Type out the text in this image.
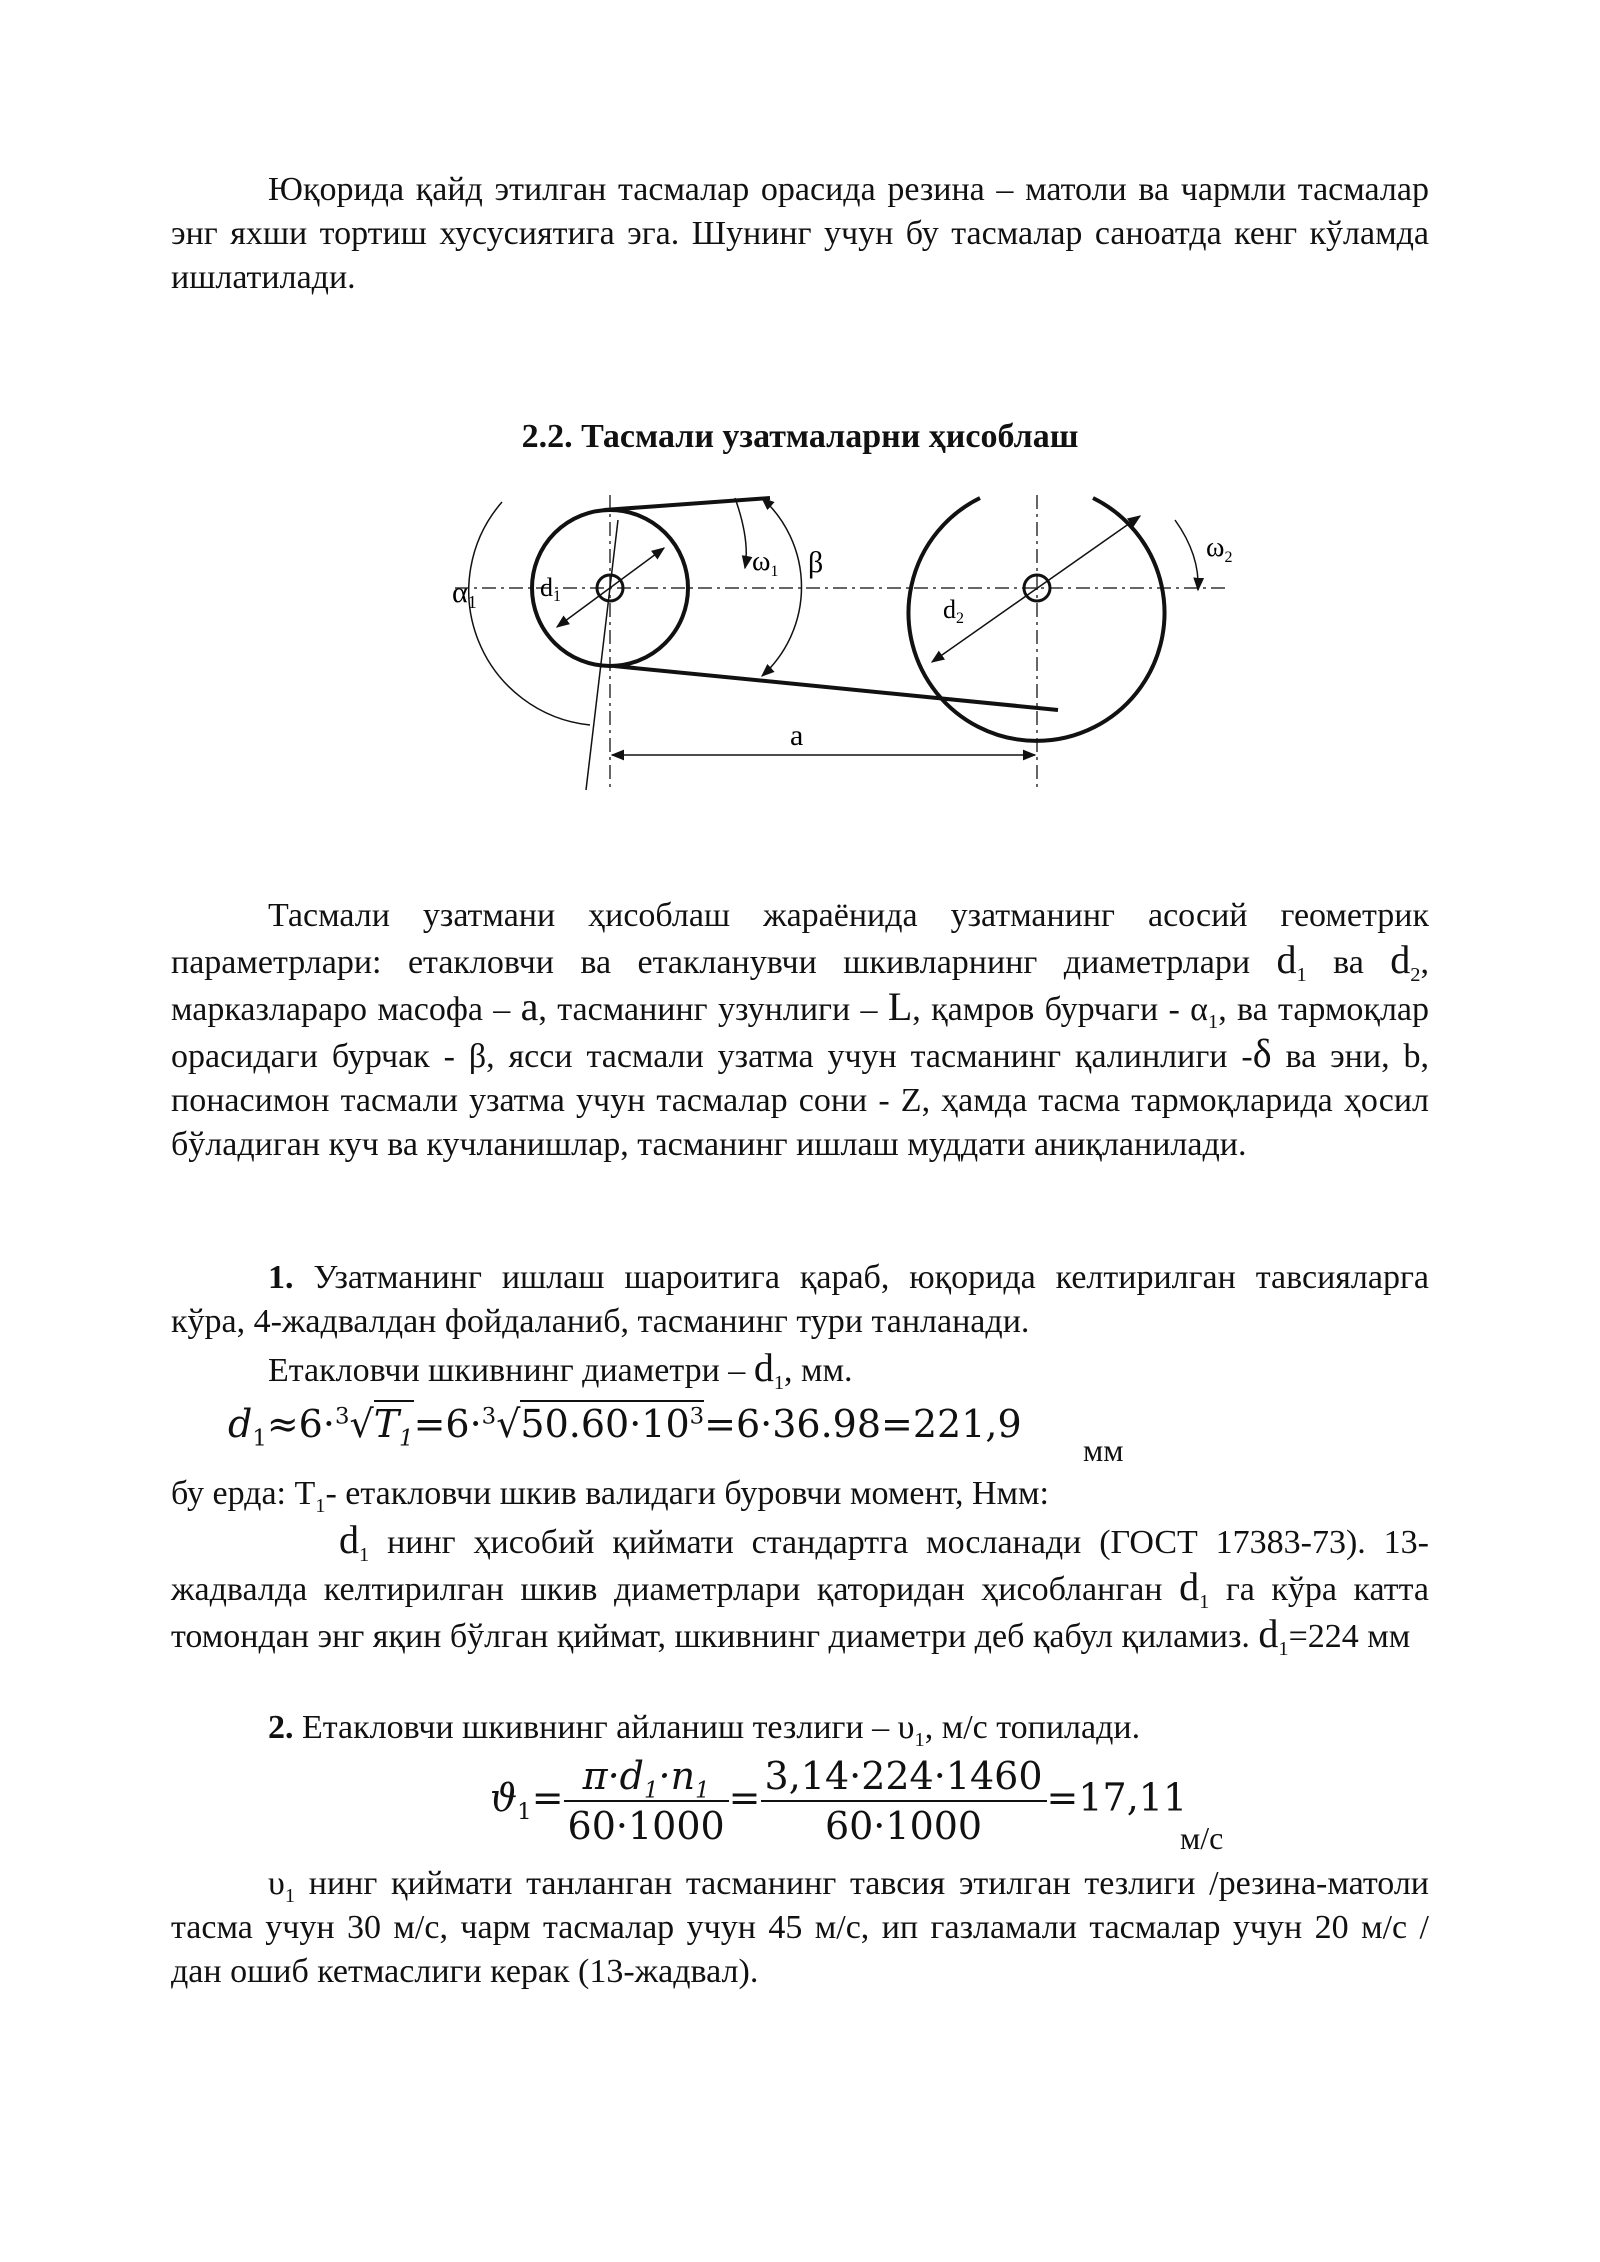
Юқорида қайд этилган тасмалар орасида резина – матоли ва чармли тасмалар энг яхши тортиш хусусиятига эга. Шунинг учун бу тасмалар саноатда кенг кўламда ишлатилади.

2.2. Тасмали узатмаларни ҳисоблаш
$\alpha_1$ d1
$\omega_1$ β
d2
$\omega_2$
a

Тасмали узатмани ҳисоблаш жараёнида узатманинг асосий геометрик параметрлари: етакловчи ва етакланувчи шкивларнинг диаметрлари $d_1$ ва $d_2$, марказлараро масофа – a, тасманинг узунлиги – L, қамров бурчаги - $\alpha_1$, ва тармоқлар орасидаги бурчак - β, ясси тасмали узатма учун тасманинг қалинлиги -δ ва эни, b, понасимон тасмали узатма учун тасмалар сони - Z, ҳамда тасма тармоқларида ҳосил бўладиган куч ва кучланишлар, тасманинг ишлаш муддати аниқланилади.

1. Узатманинг ишлаш шароитига қараб, юқорида келтирилган тавсияларга кўра, 4-жадвалдан фойдаланиб, тасманинг тури танланади.

Етакловчи шкивнинг диаметри – $d_1$, мм.

$d_1\approx 6\cdot^3√T_1=6\cdot^3√50.60\cdot 10^3=6\cdot 36.98=221,9$
мм

бу ерда: $T_1-$ етакловчи шкив валидаги буровчи момент, Нмм:

$d_1$ нинг ҳисобий қиймати стандартга мосланади (ГОСТ 17383-73). 13-жадвалда келтирилган шкив диаметрлари қаторидан ҳисобланган $d_1$ га кўра катта томондан энг яқин бўлган қиймат, шкивнинг диаметри деб қабул қиламиз. $d_1=224$ мм

2. Етакловчи шкивнинг айланиш тезлиги – $\upsilon_1$, м/с топилади.

$ϑ_1= \frac{\pi\cdot d_1\cdot n_1}{60\cdot 1000} = \frac{3,14\cdot 224\cdot 1460}{60\cdot 1000} =17,11$
м/с

$\upsilon_1$ нинг қиймати танланган тасманинг тавсия этилган тезлиги /резина-матоли тасма учун 30 м/с, чарм тасмалар учун 45 м/с, ип газламали тасмалар учун 20 м/с / дан ошиб кетмаслиги керак (13-жадвал).
